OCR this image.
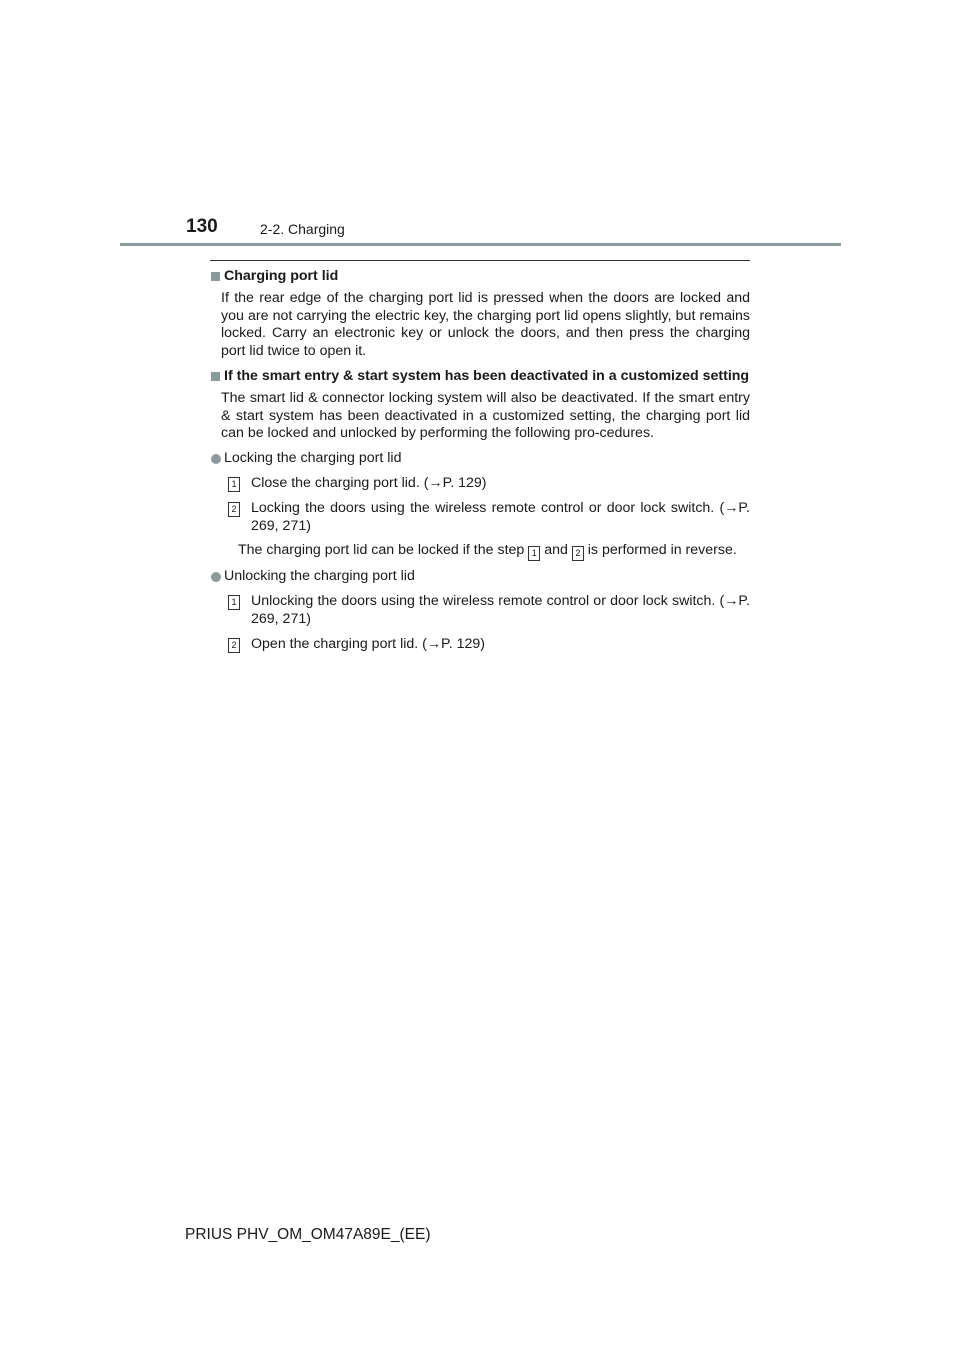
130	2-2. Charging

Charging port lid

If the rear edge of the charging port lid is pressed when the doors are locked and you are not carrying the electric key, the charging port lid opens slightly, but remains locked. Carry an electronic key or unlock the doors, and then press the charging port lid twice to open it.

If the smart entry & start system has been deactivated in a customized setting

The smart lid & connector locking system will also be deactivated. If the smart entry & start system has been deactivated in a customized setting, the charging port lid can be locked and unlocked by performing the following pro-cedures.

Locking the charging port lid

1 Close the charging port lid. (→P. 129)

2 Locking the doors using the wireless remote control or door lock switch. (→P. 269, 271)

The charging port lid can be locked if the step 1 and 2 is performed in reverse.

Unlocking the charging port lid

1 Unlocking the doors using the wireless remote control or door lock switch. (→P. 269, 271)

2 Open the charging port lid. (→P. 129)

PRIUS PHV_OM_OM47A89E_(EE)
